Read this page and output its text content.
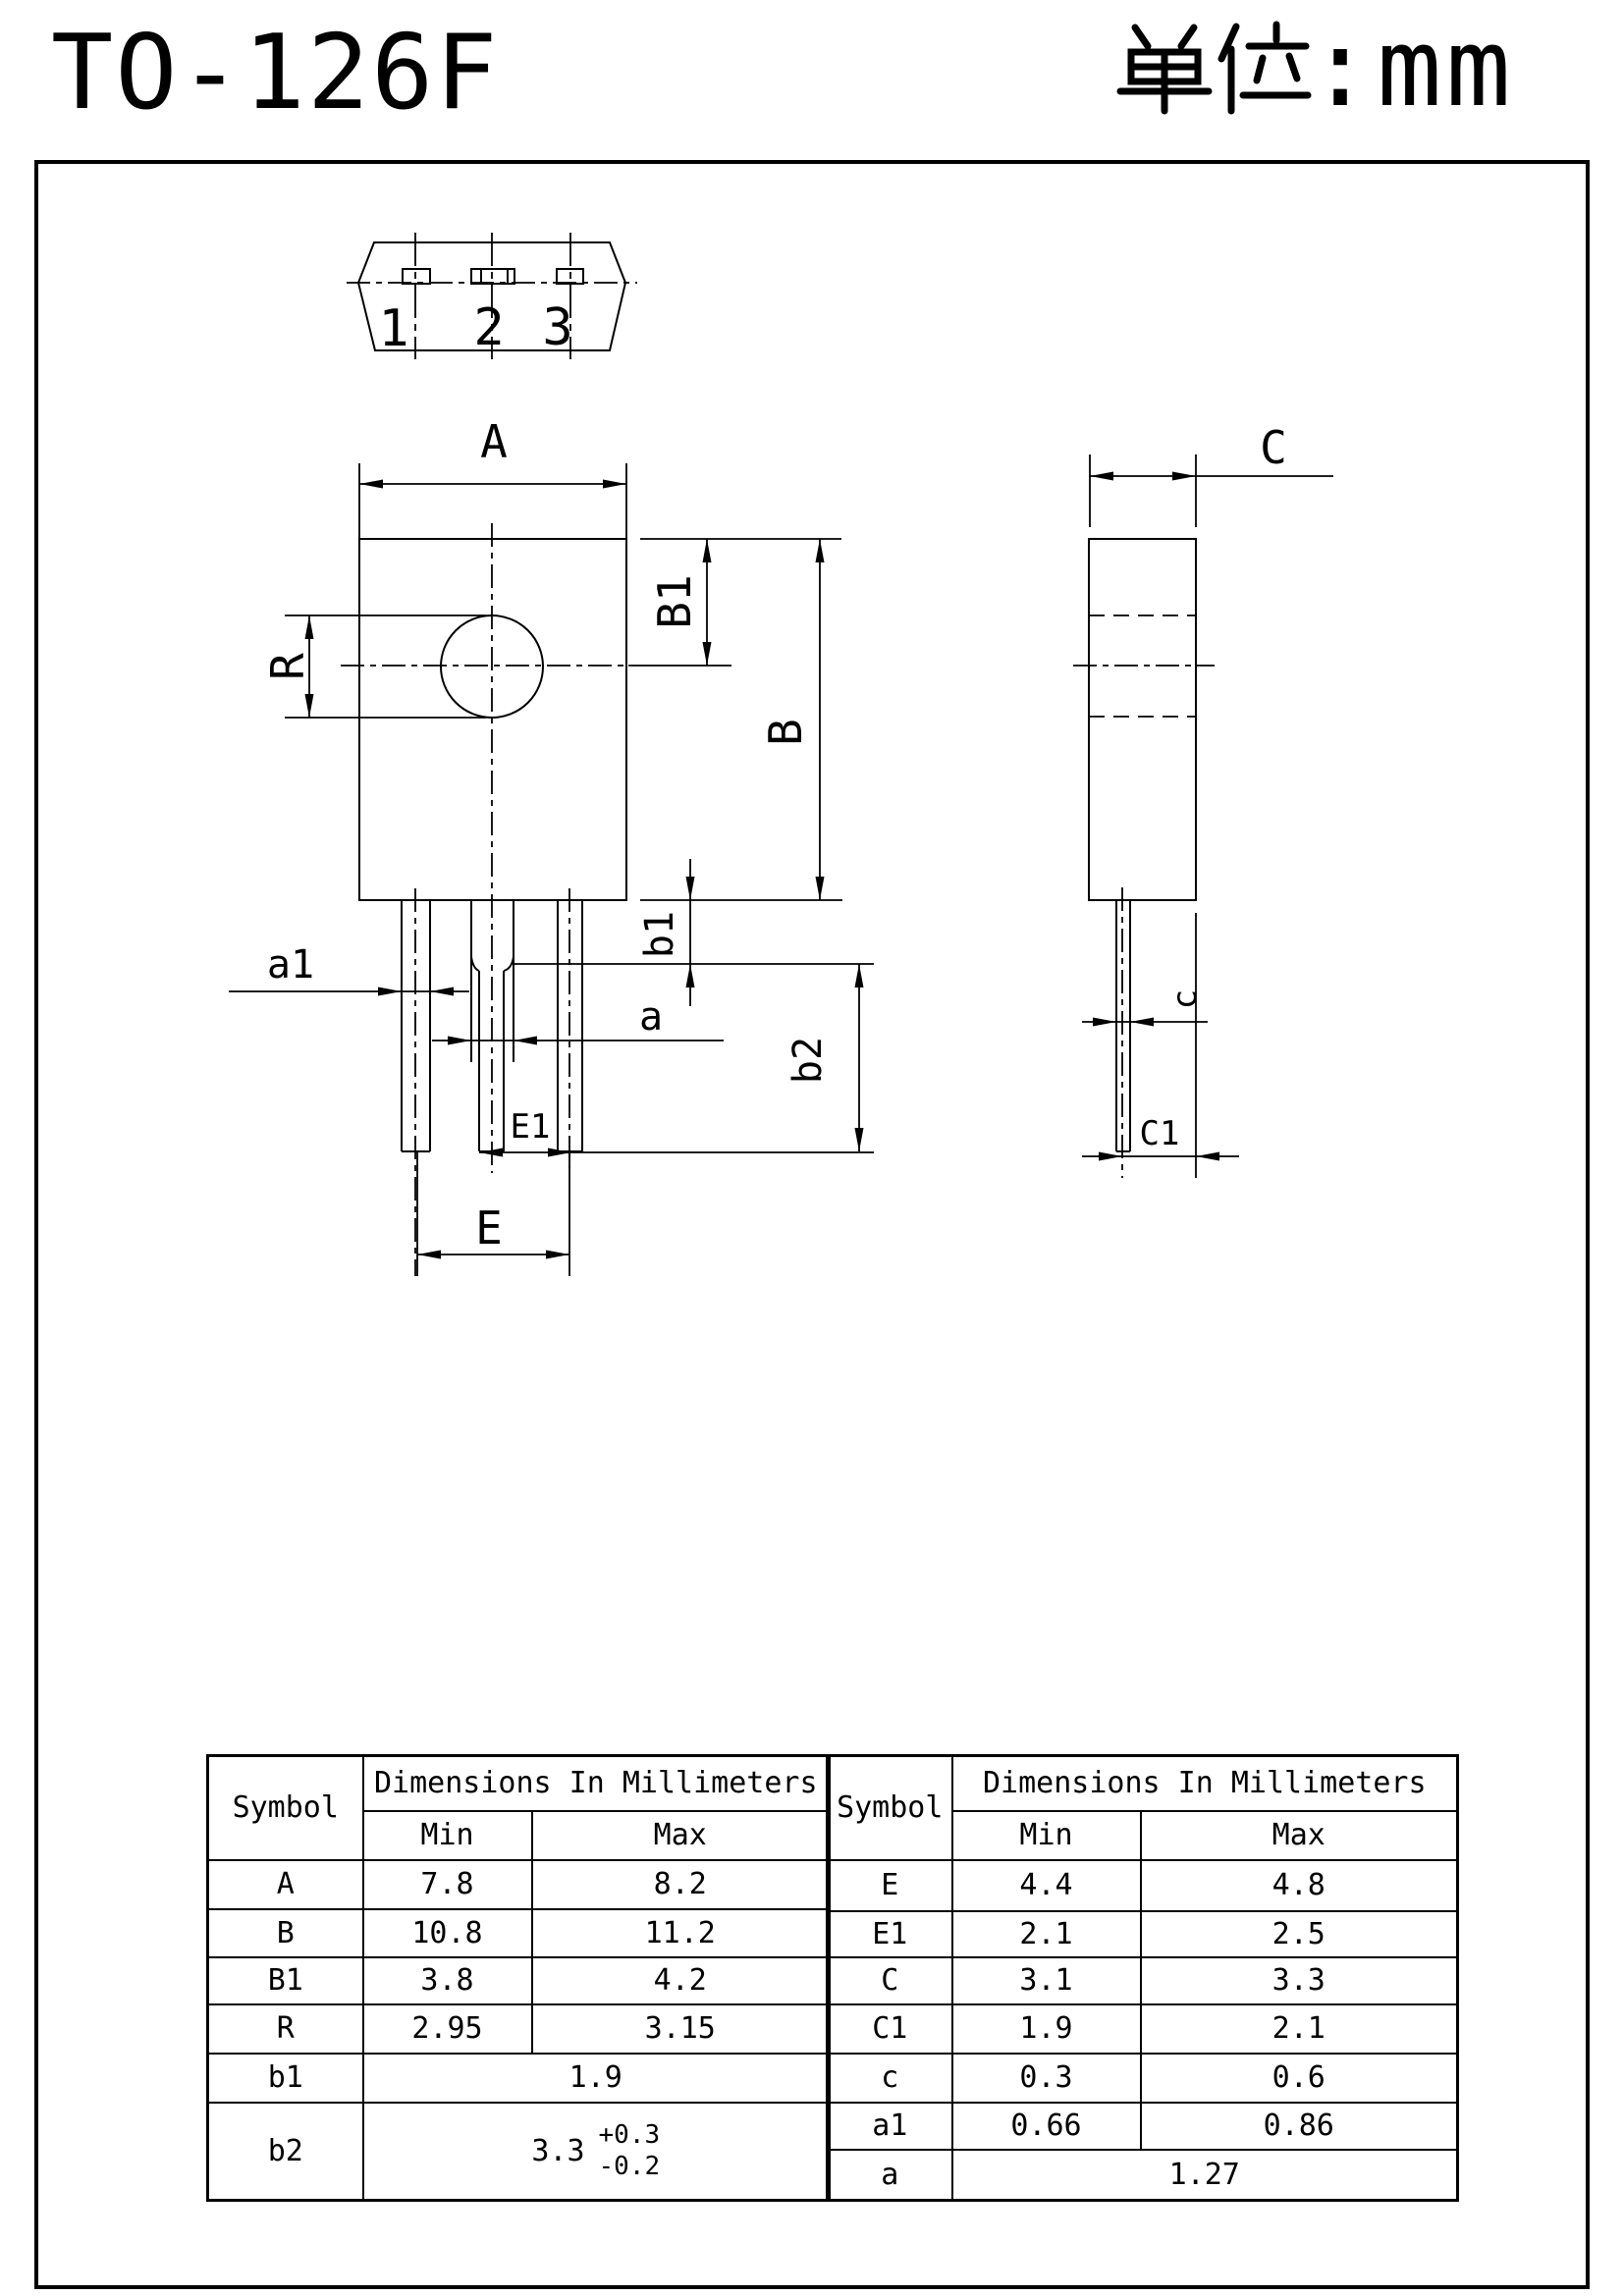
TO-126F	:mm
1 2 3
A
B1
B
R
b1
b2
a1
a
E1
E
C
c
C1
Symbol	Dimensions In Millimeters	
	Min	Max
A	7.8	8.2
B	10.8	11.2
B1	3.8	4.2
R	2.95	3.15
b1	1.9	
b2	3.3 +0.3
-0.2	
Symbol	Dimensions In Millimeters	
	Min	Max
E	4.4	4.8
E1	2.1	2.5
C	3.1	3.3
C1	1.9	2.1
c	0.3	0.6
a1	0.66	0.86
a	1.27	
